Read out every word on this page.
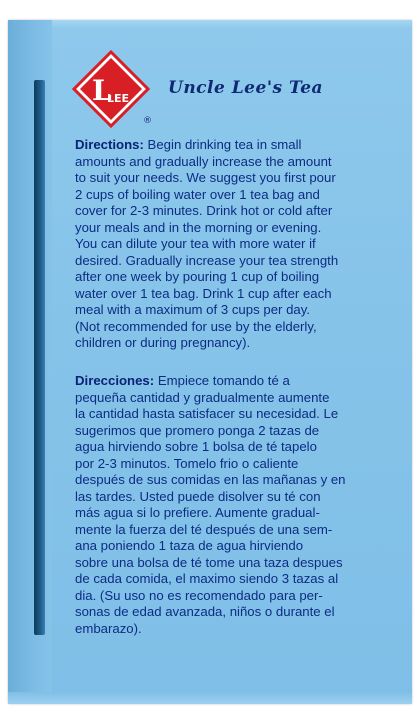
L
LEE
Uncle Lee's Tea
®
Directions: Begin drinking tea in small
amounts and gradually increase the amount
to suit your needs. We suggest you first pour
2 cups of boiling water over 1 tea bag and
cover for 2-3 minutes. Drink hot or cold after
your meals and in the morning or evening.
You can dilute your tea with more water if
desired. Gradually increase your tea strength
after one week by pouring 1 cup of boiling
water over 1 tea bag. Drink 1 cup after each
meal with a maximum of 3 cups per day.
(Not recommended for use by the elderly,
children or during pregnancy).
Direcciones: Empiece tomando té a
pequeña cantidad y gradualmente aumente
la cantidad hasta satisfacer su necesidad. Le
sugerimos que promero ponga 2 tazas de
agua hirviendo sobre 1 bolsa de té tapelo
por 2-3 minutos. Tomelo frio o caliente
después de sus comidas en las mañanas y en
las tardes. Usted puede disolver su té con
más agua si lo prefiere. Aumente gradual-
mente la fuerza del té después de una sem-
ana poniendo 1 taza de agua hirviendo
sobre una bolsa de té tome una taza despues
de cada comida, el maximo siendo 3 tazas al
dia. (Su uso no es recomendado para per-
sonas de edad avanzada, niños o durante el
embarazo).
